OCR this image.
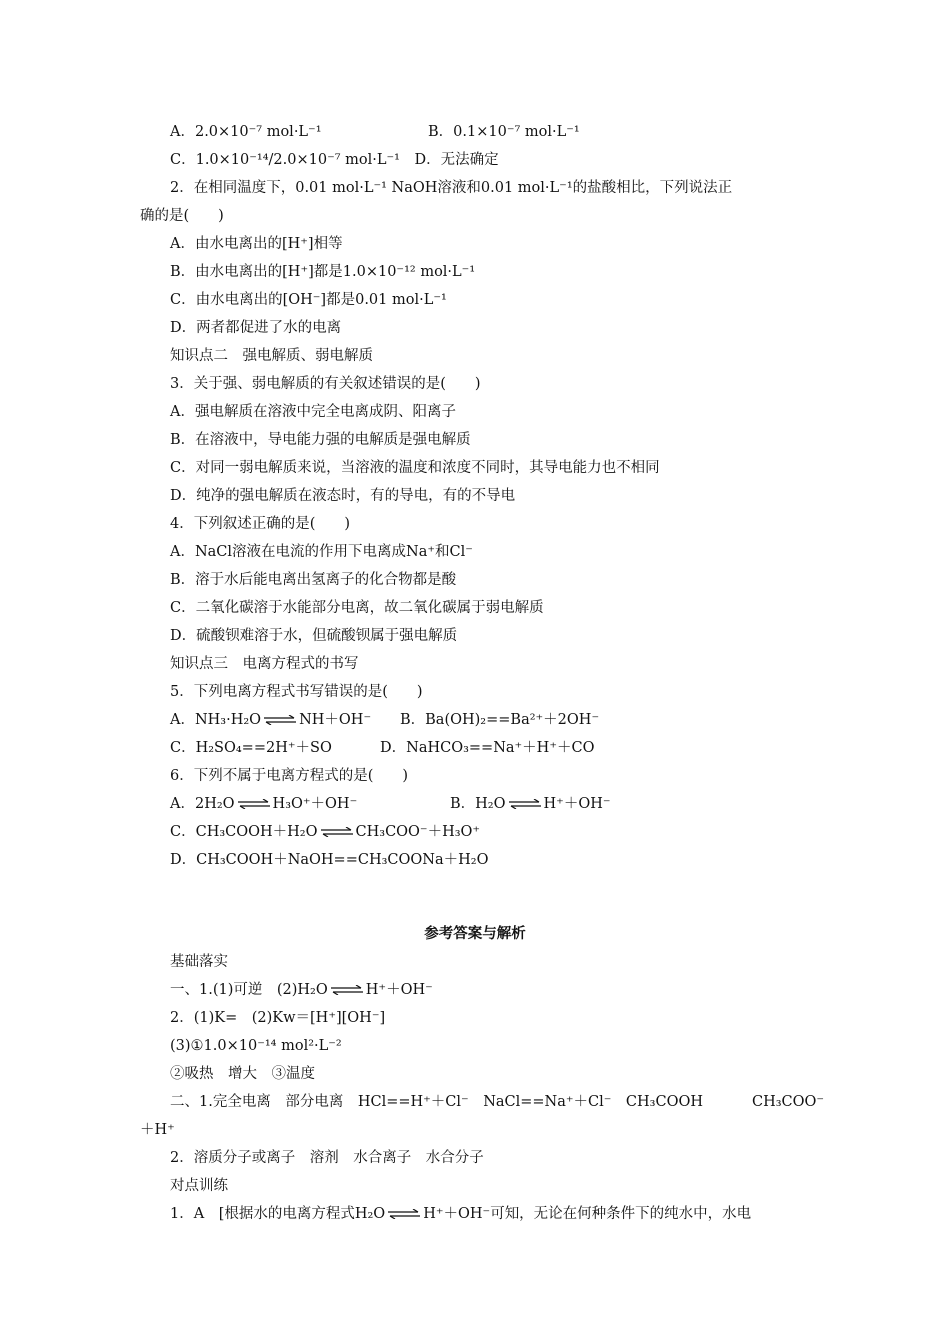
A．2.0×10⁻⁷ mol·L⁻¹	B．0.1×10⁻⁷ mol·L⁻¹
C．1.0×10⁻¹⁴/2.0×10⁻⁷ mol·L⁻¹　D．无法确定
2．在相同温度下，0.01 mol·L⁻¹ NaOH溶液和0.01 mol·L⁻¹的盐酸相比，下列说法正
确的是(　　)
A．由水电离出的[H⁺]相等
B．由水电离出的[H⁺]都是1.0×10⁻¹² mol·L⁻¹
C．由水电离出的[OH⁻]都是0.01 mol·L⁻¹
D．两者都促进了水的电离
知识点二　强电解质、弱电解质
3．关于强、弱电解质的有关叙述错误的是(　　)
A．强电解质在溶液中完全电离成阴、阳离子
B．在溶液中，导电能力强的电解质是强电解质
C．对同一弱电解质来说，当溶液的温度和浓度不同时，其导电能力也不相同
D．纯净的强电解质在液态时，有的导电，有的不导电
4．下列叙述正确的是(　　)
A．NaCl溶液在电流的作用下电离成Na⁺和Cl⁻
B．溶于水后能电离出氢离子的化合物都是酸
C．二氧化碳溶于水能部分电离，故二氧化碳属于弱电解质
D．硫酸钡难溶于水，但硫酸钡属于强电解质
知识点三　电离方程式的书写
5．下列电离方程式书写错误的是(　　)
A．NH₃·H₂O ⇌ NH＋OH⁻ B．Ba(OH)₂==Ba²⁺＋2OH⁻
C．H₂SO₄==2H⁺＋SO	D．NaHCO₃==Na⁺＋H⁺＋CO
6．下列不属于电离方程式的是(　　)
A．2H₂O ⇌ H₃O⁺＋OH⁻	B．H₂O ⇌ H⁺＋OH⁻
C．CH₃COOH＋H₂O ⇌ CH₃COO⁻＋H₃O⁺
D．CH₃COOH＋NaOH==CH₃COONa＋H₂O
参考答案与解析
基础落实
一、1.(1)可逆　(2)H₂O ⇌ H⁺＋OH⁻
2．(1)K=　(2)Kw＝[H⁺][OH⁻]
(3)①1.0×10⁻¹⁴ mol²·L⁻²
②吸热　增大　③温度
二、1.完全电离　部分电离　HCl==H⁺＋Cl⁻　NaCl==Na⁺＋Cl⁻　CH₃COOH	CH₃COO⁻
＋H⁺
2．溶质分子或离子　溶剂　水合离子　水合分子
对点训练
1．A　[根据水的电离方程式H₂O ⇌ H⁺＋OH⁻可知，无论在何种条件下的纯水中，水电
